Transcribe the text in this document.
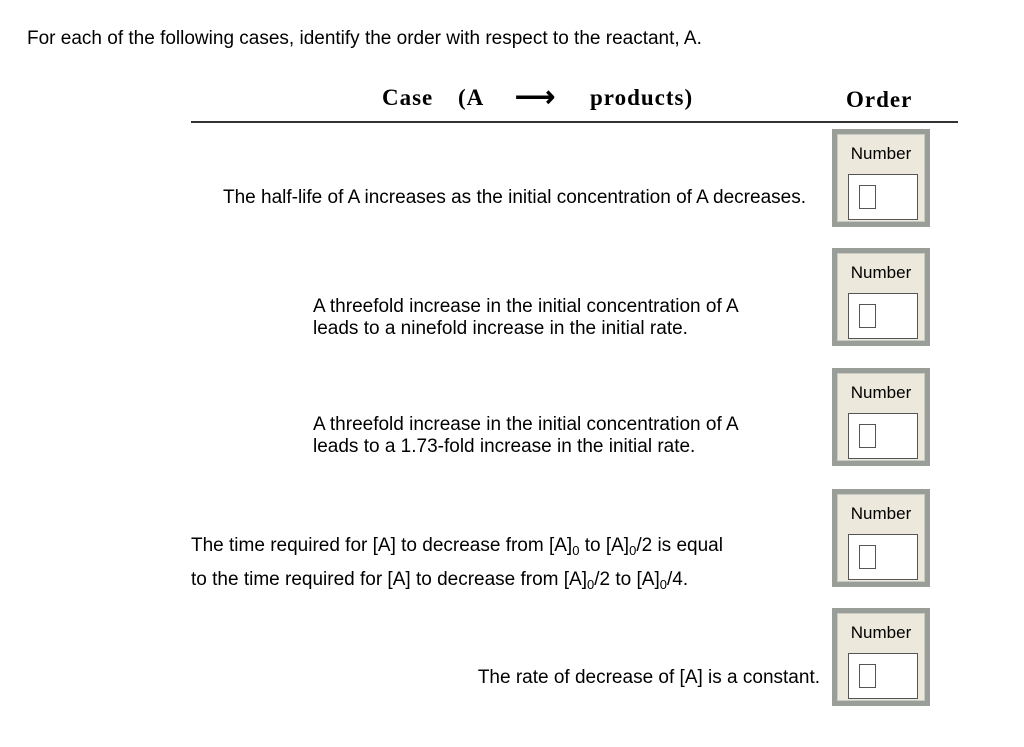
For each of the following cases, identify the order with respect to the reactant, A.
Case (A ⟶ products)	Order
The half-life of A increases as the initial concentration of A decreases.
A threefold increase in the initial concentration of A
leads to a ninefold increase in the initial rate.
A threefold increase in the initial concentration of A
leads to a 1.73-fold increase in the initial rate.
The time required for [A] to decrease from $[A]_0$ to $[A]_0/2$ is equal
to the time required for [A] to decrease from $[A]_0/2$ to $[A]_0/4$.
The rate of decrease of [A] is a constant.
Number
Number
Number
Number
Number
